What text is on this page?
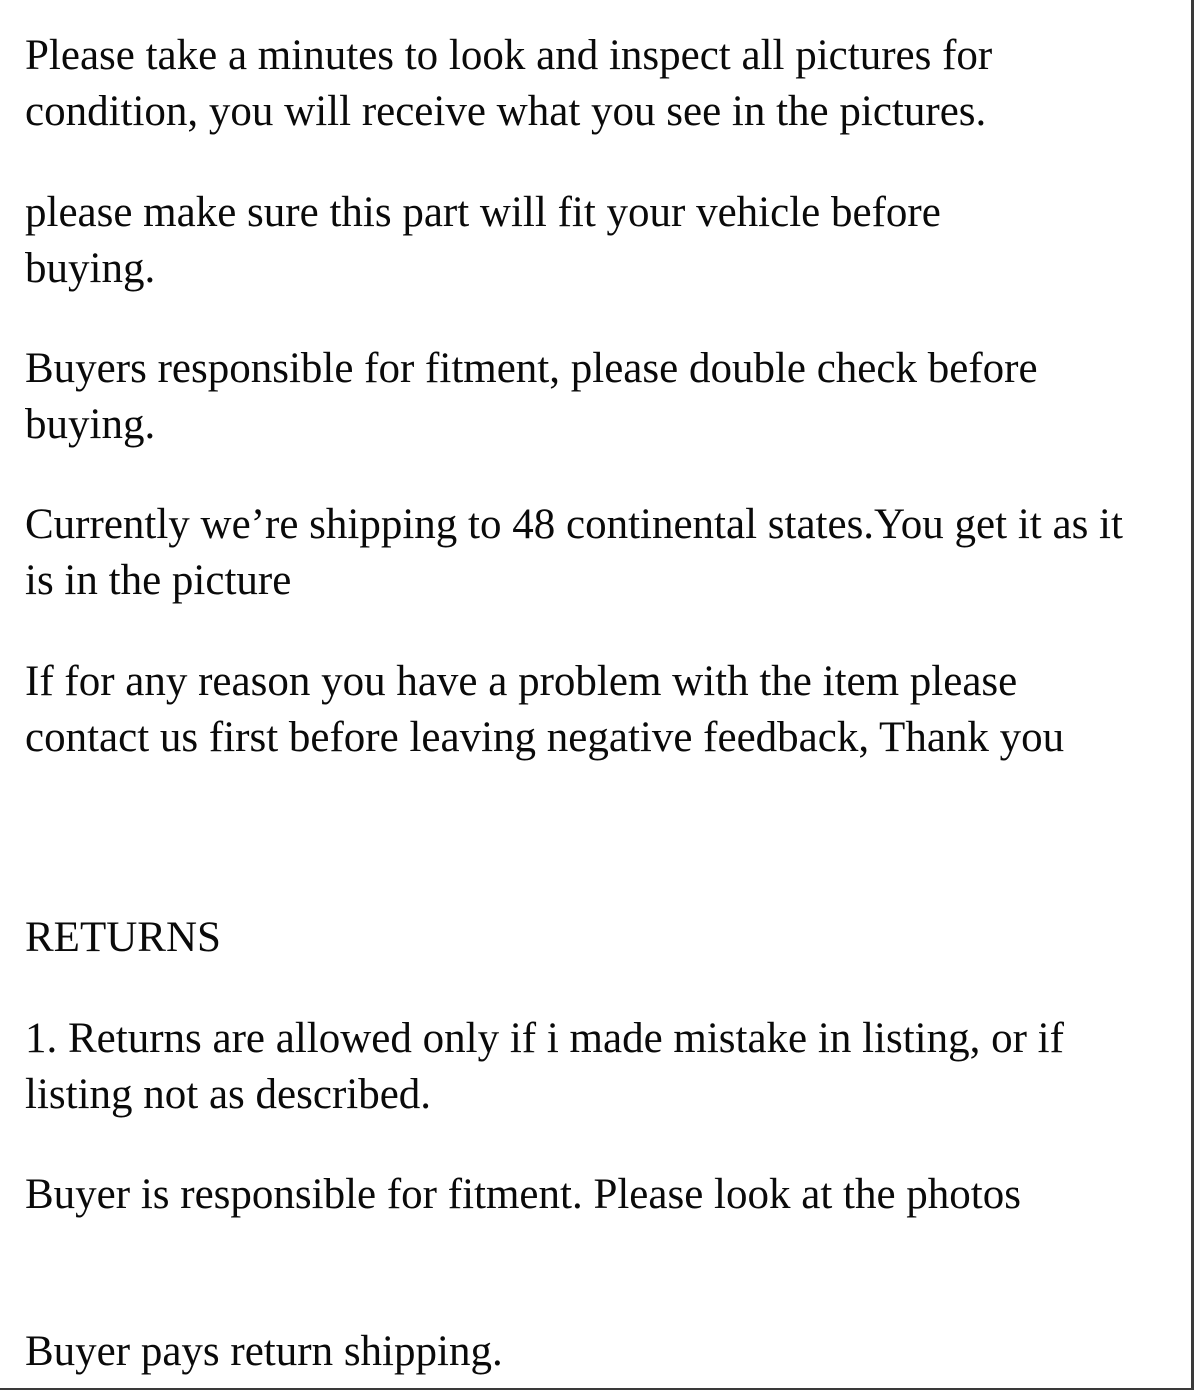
Please take a minutes to look and inspect all pictures for
condition, you will receive what you see in the pictures.

please make sure this part will fit your vehicle before
buying.

Buyers responsible for fitment, please double check before
buying.

Currently we’re shipping to 48 continental states.You get it as it
is in the picture

If for any reason you have a problem with the item please
contact us first before leaving negative feedback, Thank you

RETURNS

1. Returns are allowed only if i made mistake in listing, or if
listing not as described.

Buyer is responsible for fitment. Please look at the photos

Buyer pays return shipping.
